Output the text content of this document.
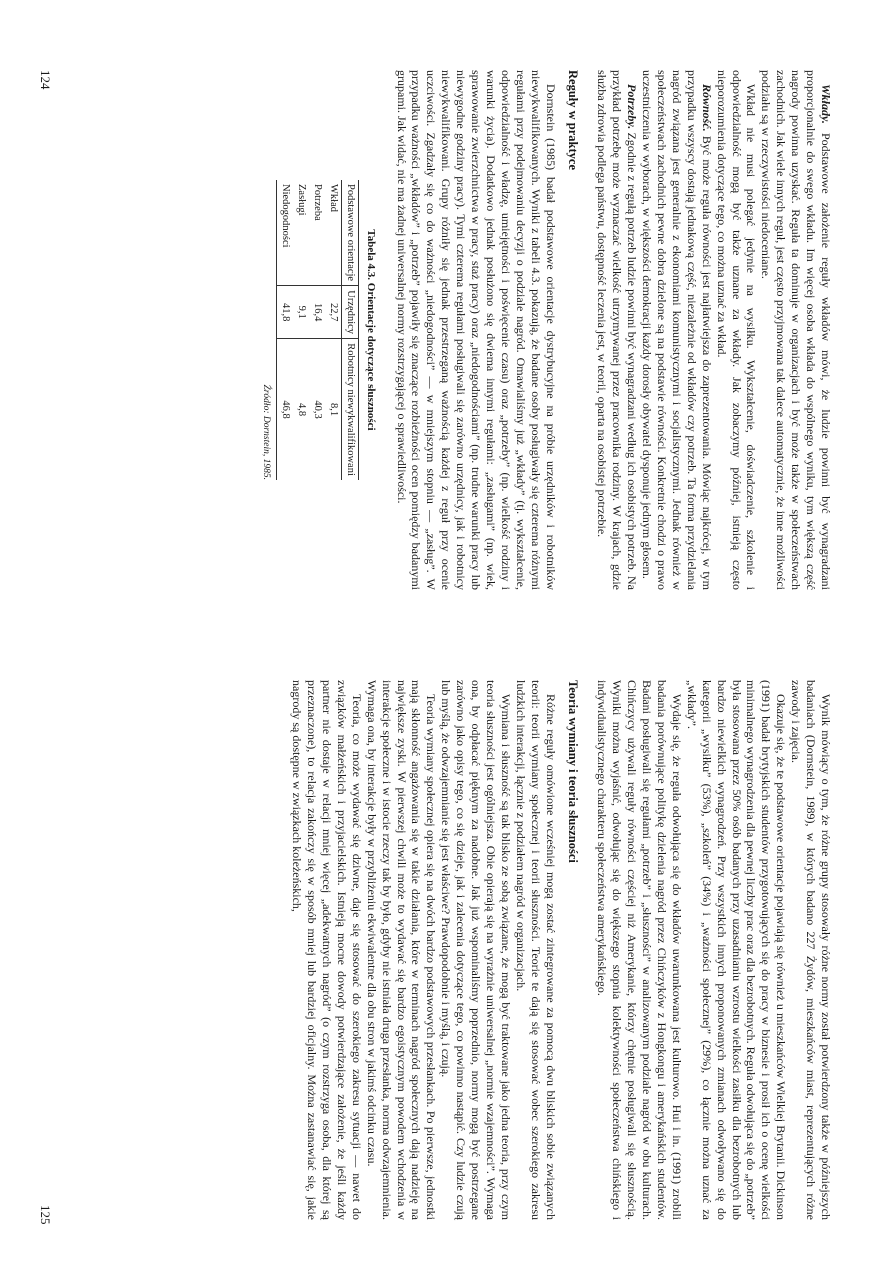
Wkłady. Podstawowe założenie reguły wkładów mówi, że ludzie powinni być wynagradzani proporcjonalnie do swego wkładu. Im więcej osoba wkłada do wspólnego wyniku, tym większą część nagrody powinna uzyskać. Reguła ta dominuje w organizacjach i być może także w społeczeństwach zachodnich. Jak wiele innych reguł, jest często przyjmowana tak dalece automatycznie, że inne możliwości podziału są w rzeczywistości niedoceniane.

Wkład nie musi polegać jedynie na wysiłku. Wykształcenie, doświadczenie, szkolenie i odpowiedzialność mogą być także uznane za wkłady. Jak zobaczymy później, istnieją często nieporozumienia dotyczące tego, co można uznać za wkład.

Równość. Być może reguła równości jest najłatwiejsza do zaprezentowania. Mówiąc najkrócej, w tym przypadku wszyscy dostają jednakową część, niezależnie od wkładów czy potrzeb. Ta forma przydzielania nagród związana jest generalnie z ekonomiami komunistycznymi i socjalistycznymi. Jednak również w społeczeństwach zachodnich pewne dobra dzielone są na podstawie równości. Konkretnie chodzi o prawo uczestniczenia w wyborach, w większości demokracji każdy dorosły obywatel dysponuje jednym głosem.

Potrzeby. Zgodnie z regułą potrzeb ludzie powinni być wynagradzani według ich osobistych potrzeb. Na przykład potrzebę może wyznaczać wielkość utrzymywanej przez pracownika rodziny. W krajach, gdzie służba zdrowia podlega państwu, dostępność leczenia jest, w teorii, oparta na osobistej potrzebie.

Reguły w praktyce

Dornstein (1985) badał podstawowe orientacje dystrybucyjne na próbie urzędników i robotników niewykwalifikowanych. Wyniki z tabeli 4.3. pokazują, że badane osoby posługiwały się czterema różnymi regułami przy podejmowaniu decyzji o podziale nagród. Omawialiśmy już „wkłady” (tj. wykształcenie, odpowiedzialność i władzę, umiejętności i poświęcenie czasu) oraz „potrzeby” (np. wielkość rodziny i warunki życia). Dodatkowo jednak posłużono się dwiema innymi regułami: „zasługami” (np. wiek, sprawowanie zwierzchnictwa w pracy, staż pracy) oraz „niedogodnościami” (np. trudne warunki pracy lub niewygodne godziny pracy). Tymi czterema regułami posługiwali się zarówno urzędnicy, jak i robotnicy niewykwalifikowani. Grupy różniły się jednak przestrzeganą ważnością każdej z reguł przy ocenie uczciwości. Zgadzały się co do ważności „niedogodności” — w mniejszym stopniu — „zasług”. W przypadku ważności „wkładów” i „potrzeb” pojawiły się znaczące rozbieżności ocen pomiędzy badanymi grupami. Jak widać, nie ma żadnej uniwersalnej normy rozstrzygającej o sprawiedliwości.

Tabela 4.3. Orientacje dotyczące słuszności
Podstawowe orientacje	Urzędnicy	Robotnicy niewykwalifikowani
Wkład	22,7	8,1
Potrzeba	16,4	40,3
Zasługi	9,1	4,8
Niedogodności	41,8	46,8
Źródło: Dornstein, 1985.
124

Wynik mówiący o tym, że różne grupy stosowały różne normy został potwierdzony także w późniejszych badaniach (Dornstein, 1989), w których badano 227 Żydów, mieszkańców miast, reprezentujących różne zawody i zajęcia.

Okazuje się, że te podstawowe orientacje pojawiają się również u mieszkańców Wielkiej Brytanii. Dickinson (1991) badał brytyjskich studentów przygotowujących się do pracy w biznesie i prosił ich o ocenę wielkości minimalnego wynagrodzenia dla pewnej liczby prac oraz dla bezrobotnych. Reguła odwołująca się do „potrzeb” była stosowana przez 50% osób badanych przy uzasadnianiu wzrostu wielkości zasiłku dla bezrobotnych lub bardzo niewielkich wynagrodzeń. Przy wszystkich innych proponowanych zmianach odwoływano się do kategorii „wysiłku” (53%), „szkoleń” (34%) i „ważności społecznej” (29%), co łącznie można uznać za „wkłady”.

Wydaje się, że reguła odwołująca się do wkładów uwarunkowana jest kulturowo. Hui i in. (1991) zrobili badania porównujące politykę dzielenia nagród przez Chińczyków z Hongkongu i amerykańskich studentów. Badani posługiwali się regułami „potrzeb” i „słuszności” w analizowanym podziale nagród w obu kulturach. Chińczycy używali reguły równości częściej niż Amerykanie, którzy chętnie posługiwali się słusznością. Wyniki można wyjaśnić, odwołując się do większego stopnia kolektywności społeczeństwa chińskiego i indywidualistycznego charakteru społeczeństwa amerykańskiego.

Teoria wymiany i teoria słuszności

Różne reguły omówione wcześniej mogą zostać zintegrowane za pomocą dwu bliskich sobie związanych teorii: teorii wymiany społecznej i teorii słuszności. Teorie te dają się stosować wobec szerokiego zakresu ludzkich interakcji, łącznie z podziałem nagród w organizacjach.

Wymiana i słuszność są tak blisko ze sobą związane, że mogą być traktowane jako jedna teoria, przy czym teoria słuszności jest ogólniejsza. Obie opierają się na wyrażnie uniwersalnej „normie wzajemności”. Wymaga ona, by odpłacać pięknym za nadobne. Jak już wspominaliśmy poprzednio, normy mogą być postrzegane zarówno jako opisy tego, co się dzieje, jak i zalecenia dotyczące tego, co powinno nastąpić. Czy ludzie czują lub myślą, że odwzajemnianie się jest właściwe? Prawdopodobnie i myślą, i czują.

Teoria wymiany społecznej opiera się na dwóch bardzo podstawowych przesłankach. Po pierwsze, jednostki mają skłonność angażowania się w takie działania, które w terminach nagród społecznych dają nadzieję na największe zyski. W pierwszej chwili może to wydawać się bardzo egoistycznym powodem wchodzenia w interakcje społeczne i w istocie rzeczy tak by było, gdyby nie istniała druga przesłanka, norma odwzajemnienia. Wymaga ona, by interakcje były w przybliżeniu ekwiwalentne dla obu stron w jakimś odcinku czasu.

Teoria, co może wydawać się dziwne, daje się stosować do szerokiego zakresu sytuacji — nawet do związków małżeńskich i przyjacielskich. Istnieją mocne dowody potwierdzające założenie, że jeśli każdy partner nie dostaje w relacji mniej więcej „adekwatnych nagród” (o czym rozstrzyga osoba, dla której są przeznaczone), to relacja zakończy się w sposób mniej lub bardziej oficjalny. Można zastanawiać się, jakie nagrody są dostępne w związkach koleżeńskich,

125
